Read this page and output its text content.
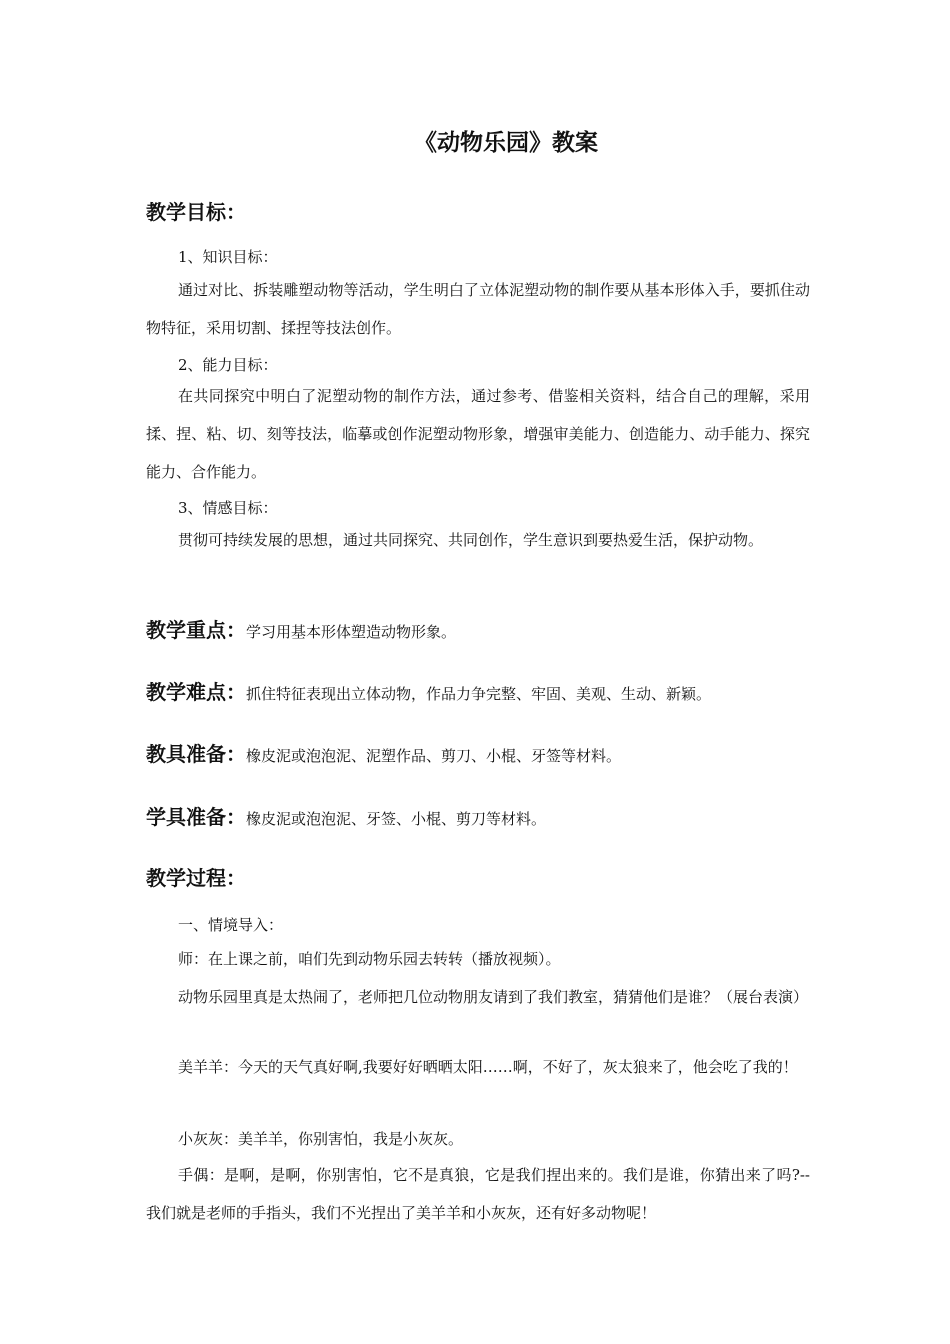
《动物乐园》教案
教学目标：
1、知识目标：
通过对比、拆装雕塑动物等活动，学生明白了立体泥塑动物的制作要从基本形体入手，要抓住动物特征，采用切割、揉捏等技法创作。
2、能力目标：
在共同探究中明白了泥塑动物的制作方法，通过参考、借鉴相关资料，结合自己的理解，采用揉、捏、粘、切、刻等技法，临摹或创作泥塑动物形象，增强审美能力、创造能力、动手能力、探究能力、合作能力。
3、情感目标：
贯彻可持续发展的思想，通过共同探究、共同创作，学生意识到要热爱生活，保护动物。
教学重点：学习用基本形体塑造动物形象。
教学难点：抓住特征表现出立体动物，作品力争完整、牢固、美观、生动、新颖。
教具准备：橡皮泥或泡泡泥、泥塑作品、剪刀、小棍、牙签等材料。
学具准备：橡皮泥或泡泡泥、牙签、小棍、剪刀等材料。
教学过程：
一、情境导入：
师：在上课之前，咱们先到动物乐园去转转（播放视频）。
动物乐园里真是太热闹了，老师把几位动物朋友请到了我们教室，猜猜他们是谁？（展台表演）
美羊羊：今天的天气真好啊,我要好好晒晒太阳……啊，不好了，灰太狼来了，他会吃了我的！
小灰灰：美羊羊，你别害怕，我是小灰灰。
手偶：是啊，是啊，你别害怕，它不是真狼，它是我们捏出来的。我们是谁，你猜出来了吗?--我们就是老师的手指头，我们不光捏出了美羊羊和小灰灰，还有好多动物呢！
